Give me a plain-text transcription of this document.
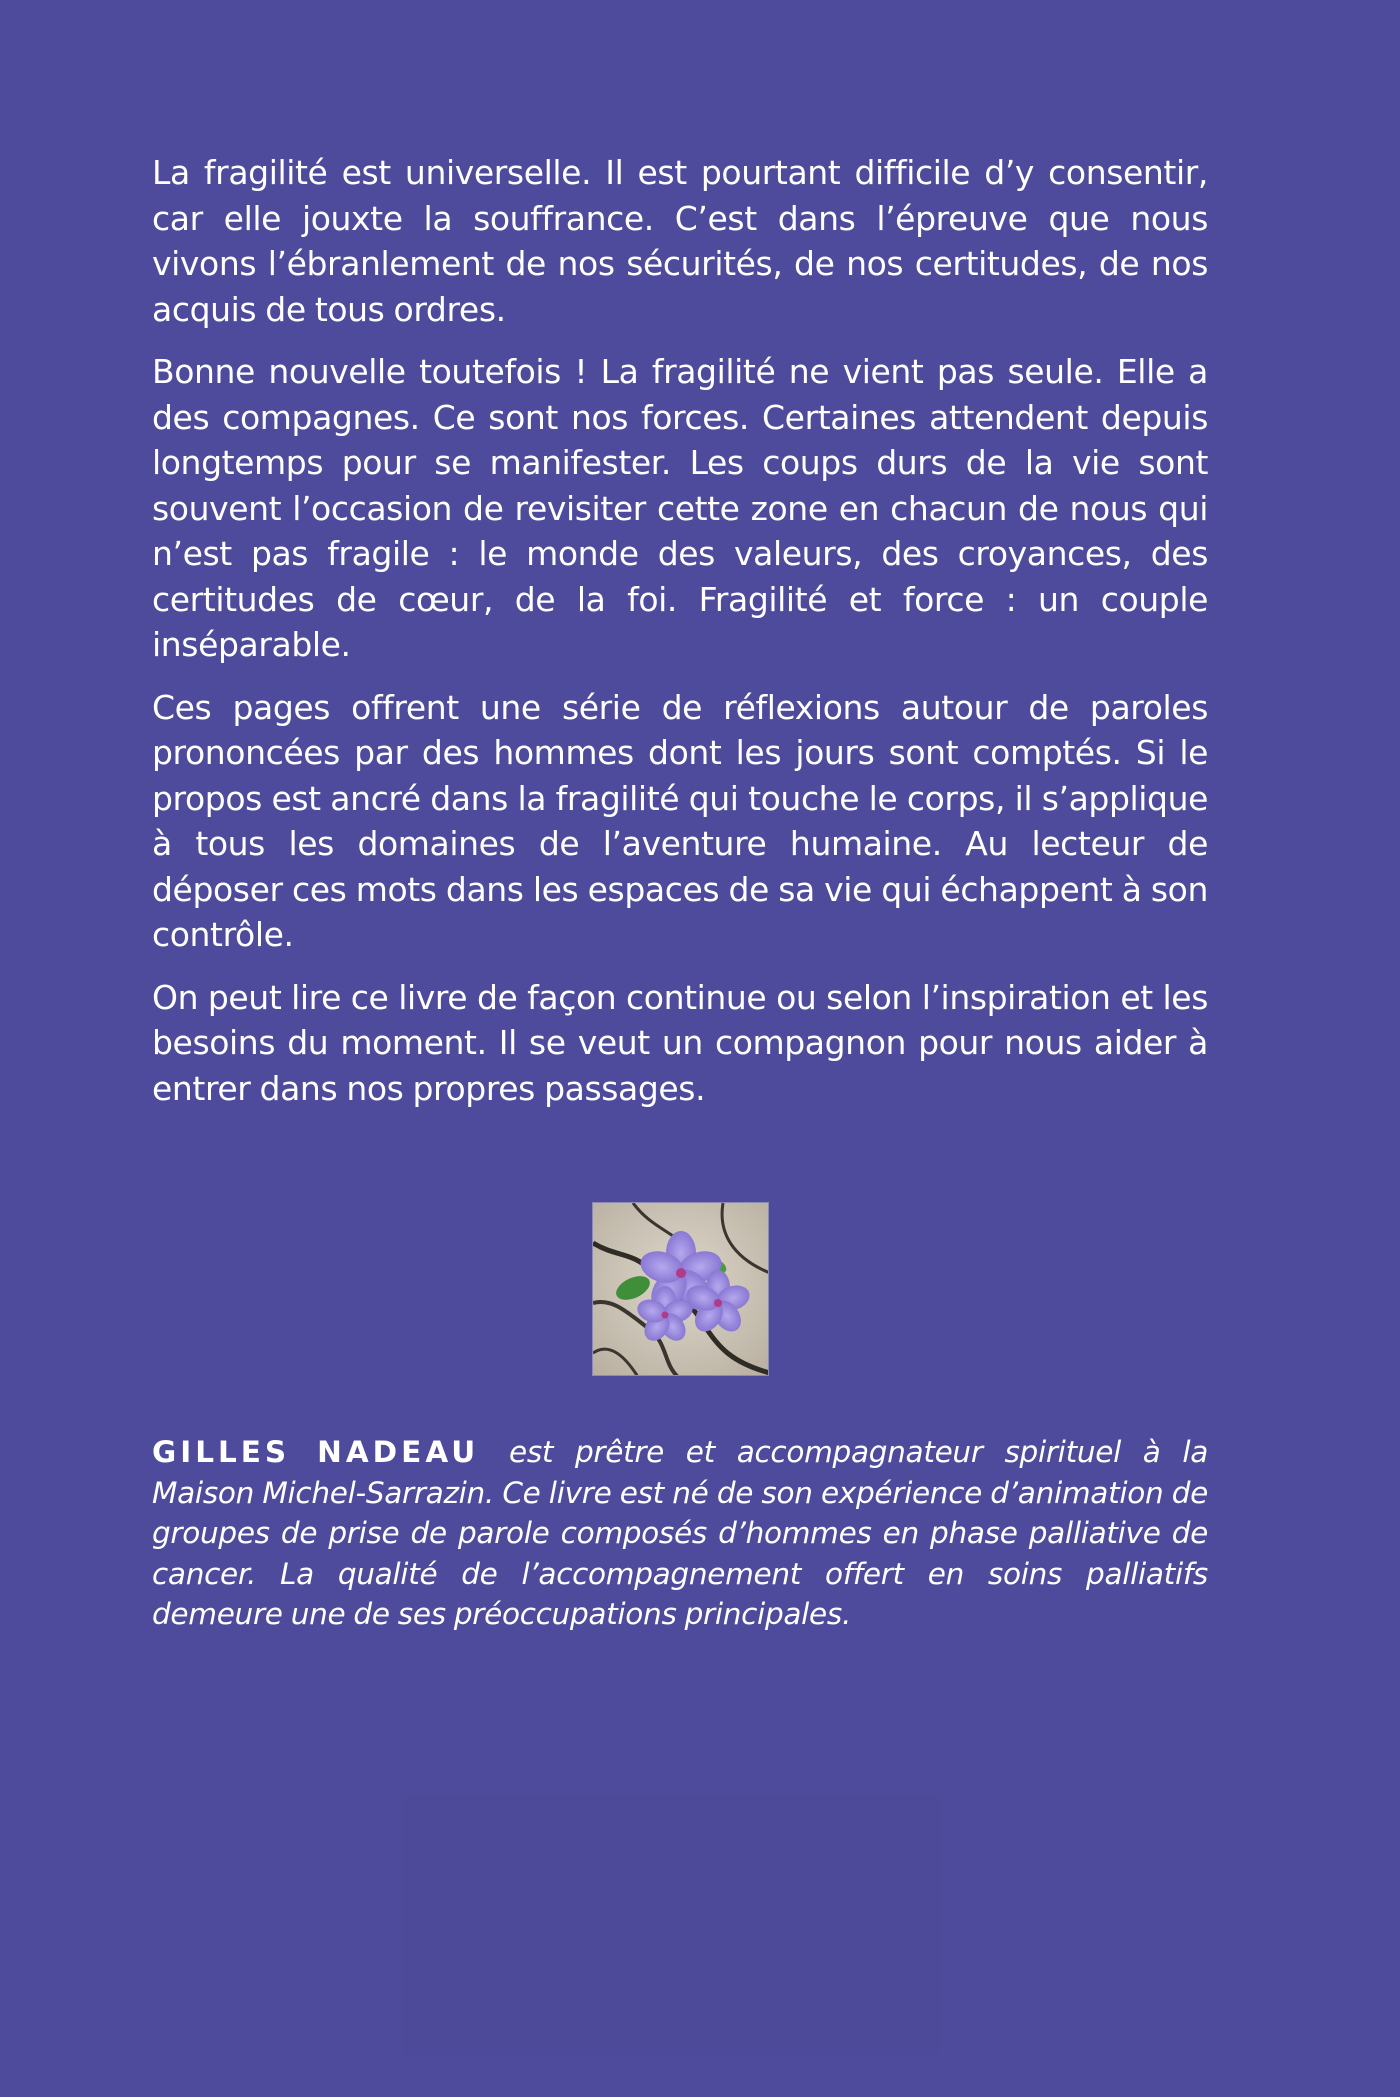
La fragilité est universelle. Il est pourtant difficile d’y consentir, car elle jouxte la souffrance. C’est dans l’épreuve que nous vivons l’ébranlement de nos sécurités, de nos certitudes, de nos acquis de tous ordres.

Bonne nouvelle toutefois ! La fragilité ne vient pas seule. Elle a des compagnes. Ce sont nos forces. Certaines attendent depuis longtemps pour se manifester. Les coups durs de la vie sont souvent l’occasion de revisiter cette zone en chacun de nous qui n’est pas fragile : le monde des valeurs, des croyances, des certitudes de cœur, de la foi. Fragilité et force : un couple inséparable.

Ces pages offrent une série de réflexions autour de paroles prononcées par des hommes dont les jours sont comptés. Si le propos est ancré dans la fragilité qui touche le corps, il s’applique à tous les domaines de l’aventure humaine. Au lecteur de déposer ces mots dans les espaces de sa vie qui échappent à son contrôle.

On peut lire ce livre de façon continue ou selon l’inspiration et les besoins du moment. Il se veut un compagnon pour nous aider à entrer dans nos propres passages.

GILLES NADEAU est prêtre et accompagnateur spirituel à la Maison Michel-Sarrazin. Ce livre est né de son expérience d’animation de groupes de prise de parole composés d’hommes en phase palliative de cancer. La qualité de l’accompagnement offert en soins palliatifs demeure une de ses préoccupations principales.
